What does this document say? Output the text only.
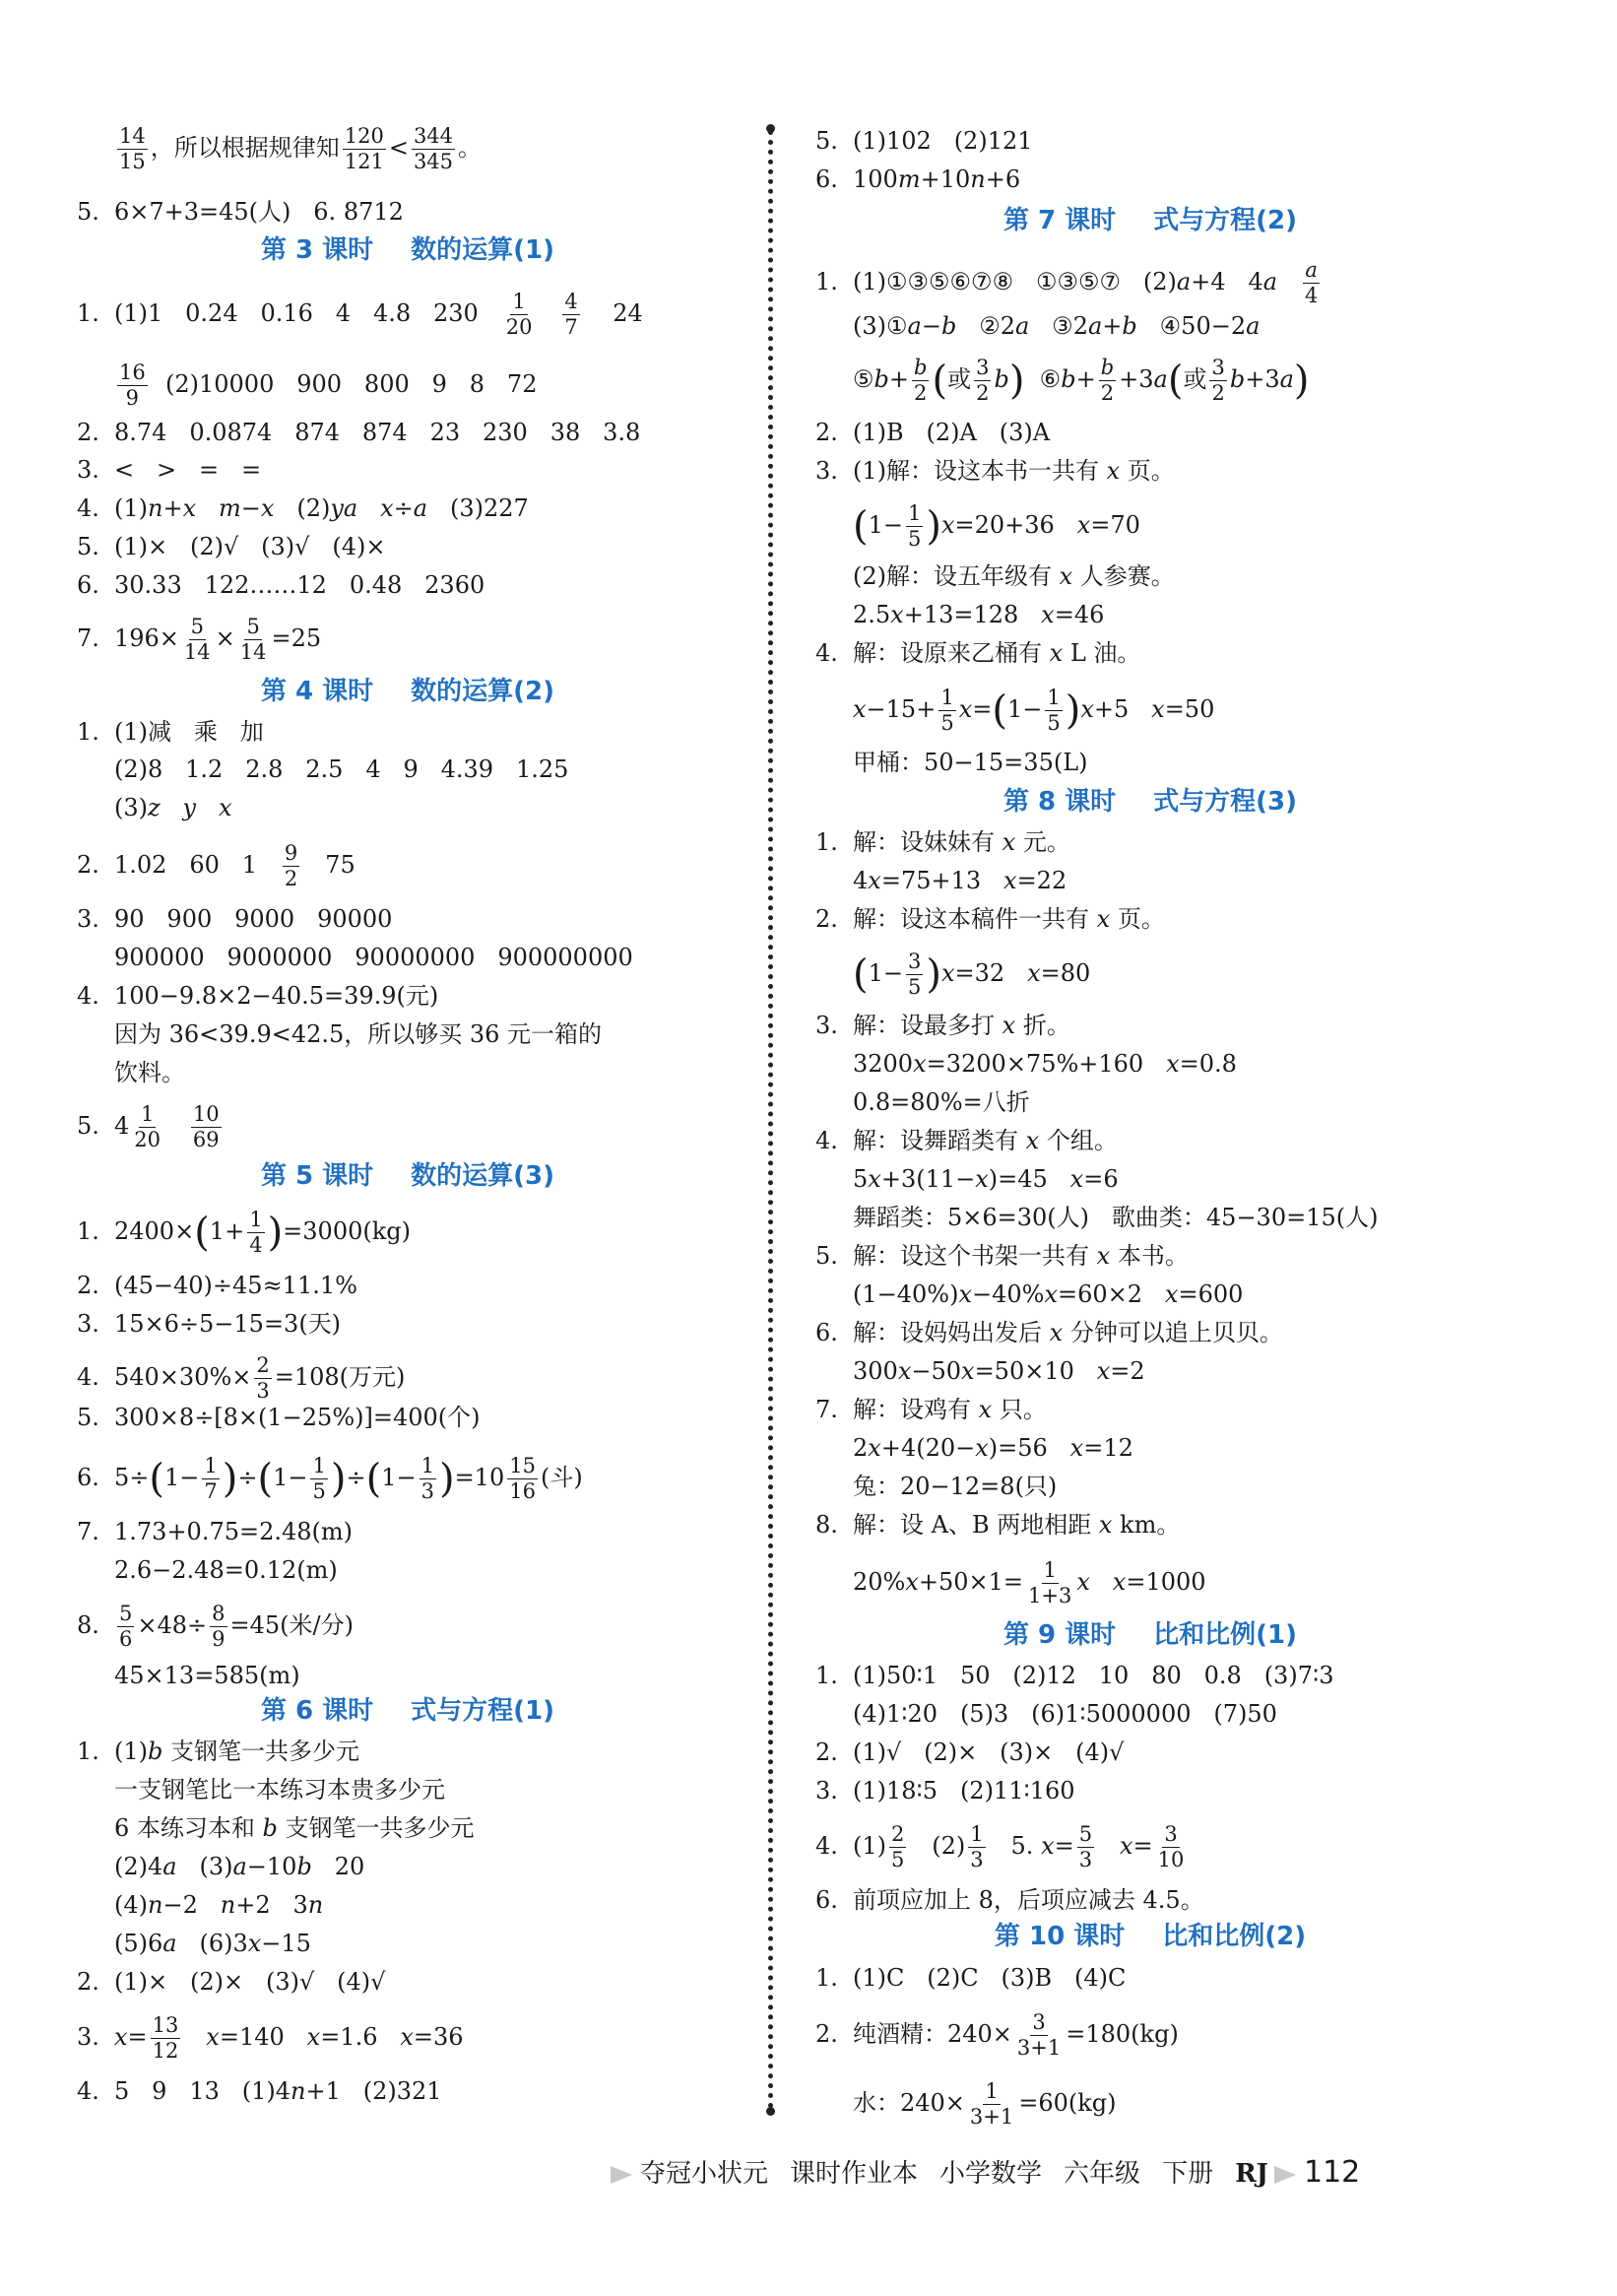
$\frac{14}{15}$ ，所以根据规律知 $\frac{120}{121} < \frac{344}{345}$ 。
5. 6×7+3=45(人)   6. 8712
第 3 课时 数的运算(1)
1. (1)1   0.24   0.16   4   4.8   $230 \frac{1}{20}$
$\frac{4}{7} 24$
$\frac{16}{9} (2)10000$   900   800   9   8   72
2. 8.74   0.0874   874   874   23   230   38   3.8
3. <   >   =   =
4. (1)n+x m−x   (2)ya x÷a   (3)227
5. (1)×   (2)√   (3)√   (4)×
6. 30.33   122……12   0.48   2360
7. $196\times \frac{5}{14} \times \frac{5}{14} =25$
第 4 课时 数的运算(2)
1. (1)减   乘   加
(2)8   1.2   2.8   2.5   4   9   4.39   1.25
(3)z y x
2. 1.02   60   $1 \frac{9}{2} 75$
3. 90   900   9000   90000
900000   9000000   90000000   900000000
4. 100−9.8×2−40.5=39.9(元)
因为 36<39.9<42.5，所以够买 36 元一箱的
饮料。
5. $4 \frac{1}{20}$
$\frac{10}{69}$
第 5 课时 数的运算(3)
1. $2400\times(1+ \frac{1}{4} )=3000(kg)$
2. (45−40)÷45≈11.1%
3. 15×6÷5−15=3(天)
4. $540\times 30\%\times \frac{2}{3} =108$(万元)
5. 300×8÷[8×(1−25%)]=400(个)
6. $5\div(1- \frac{1}{7} )\div(1- \frac{1}{5} )\div(1- \frac{1}{3} )=10 \frac{15}{16}$ (斗)
7. 1.73+0.75=2.48(m)
2.6−2.48=0.12(m)
8. $\frac{5}{6} \times 48\div \frac{8}{9} =45$(米/分)
45×13=585(m)
第 6 课时 式与方程(1)
1. (1)b 支钢笔一共多少元
一支钢笔比一本练习本贵多少元
6 本练习本和 b 支钢笔一共多少元
(2)4a   (3)a−10b   20
(4)n−2   n+2   3n
(5)6a   (6)3x−15
2. (1)×   (2)×   (3)√   (4)√
3. $x= \frac{13}{12} x=140$   x=1.6   x=36
4. 5   9   13   (1)4n+1   (2)321
5. (1)102   (2)121
6. 100m+10n+6
第 7 课时 式与方程(2)
1. (1)①③⑤⑥⑦⑧   ①③⑤⑦   (2)a+4   $4a \frac{a}{4}$
(3)①a−b   ②2a   ③2a+b   ④50−2a
⑤b+ $\frac{b}{2}$ (或 $\frac{3}{2} b$)  ⑥b+ $\frac{b}{2} +3a$(或 $\frac{3}{2} b+3a$)
2. (1)B   (2)A   (3)A
3. (1)解：设这本书一共有 x 页。
$(1- \frac{1}{5} )x=20+36$   x=70
(2)解：设五年级有 x 人参赛。
2.5x+13=128   x=46
4. 解：设原来乙桶有 x L 油。
$x-15+ \frac{1}{5} x=(1- \frac{1}{5} )x+5$   x=50
甲桶：50−15=35(L)
第 8 课时 式与方程(3)
1. 解：设妹妹有 x 元。
4x=75+13   x=22
2. 解：设这本稿件一共有 x 页。
$(1- \frac{3}{5} )x=32$   x=80
3. 解：设最多打 x 折。
3200x=3200×75%+160   x=0.8
0.8=80%=八折
4. 解：设舞蹈类有 x 个组。
5x+3(11−x)=45   x=6
舞蹈类：5×6=30(人)   歌曲类：45−30=15(人)
5. 解：设这个书架一共有 x 本书。
(1−40%)x−40%x=60×2   x=600
6. 解：设妈妈出发后 x 分钟可以追上贝贝。
300x−50x=50×10   x=2
7. 解：设鸡有 x 只。
2x+4(20−x)=56   x=12
兔：20−12=8(只)
8. 解：设 A、B 两地相距 x km。
$20\%x+50\times 1= \frac{1}{1+3}$ x x=1000
第 9 课时 比和比例(1)
1. (1)50∶1   50   (2)12   10   80   0.8   (3)7∶3
(4)1∶20   (5)3   (6)1∶5000000   (7)50
2. (1)√   (2)×   (3)×   (4)√
3. (1)18∶5   (2)11∶160
4. $(1) \frac{2}{5} (2) \frac{1}{3} 5$. $x= \frac{5}{3} x= \frac{3}{10}$
6. 前项应加上 8，后项应减去 4.5。
第 10 课时 比和比例(2)
1. (1)C   (2)C   (3)B   (4)C
2. 纯酒精：$240\times \frac{3}{3+1} =180(kg)$
水：$240\times \frac{1}{3+1} =60(kg)$
夺冠小状元 课时作业本 小学数学 六年级 下册 RJ 112
